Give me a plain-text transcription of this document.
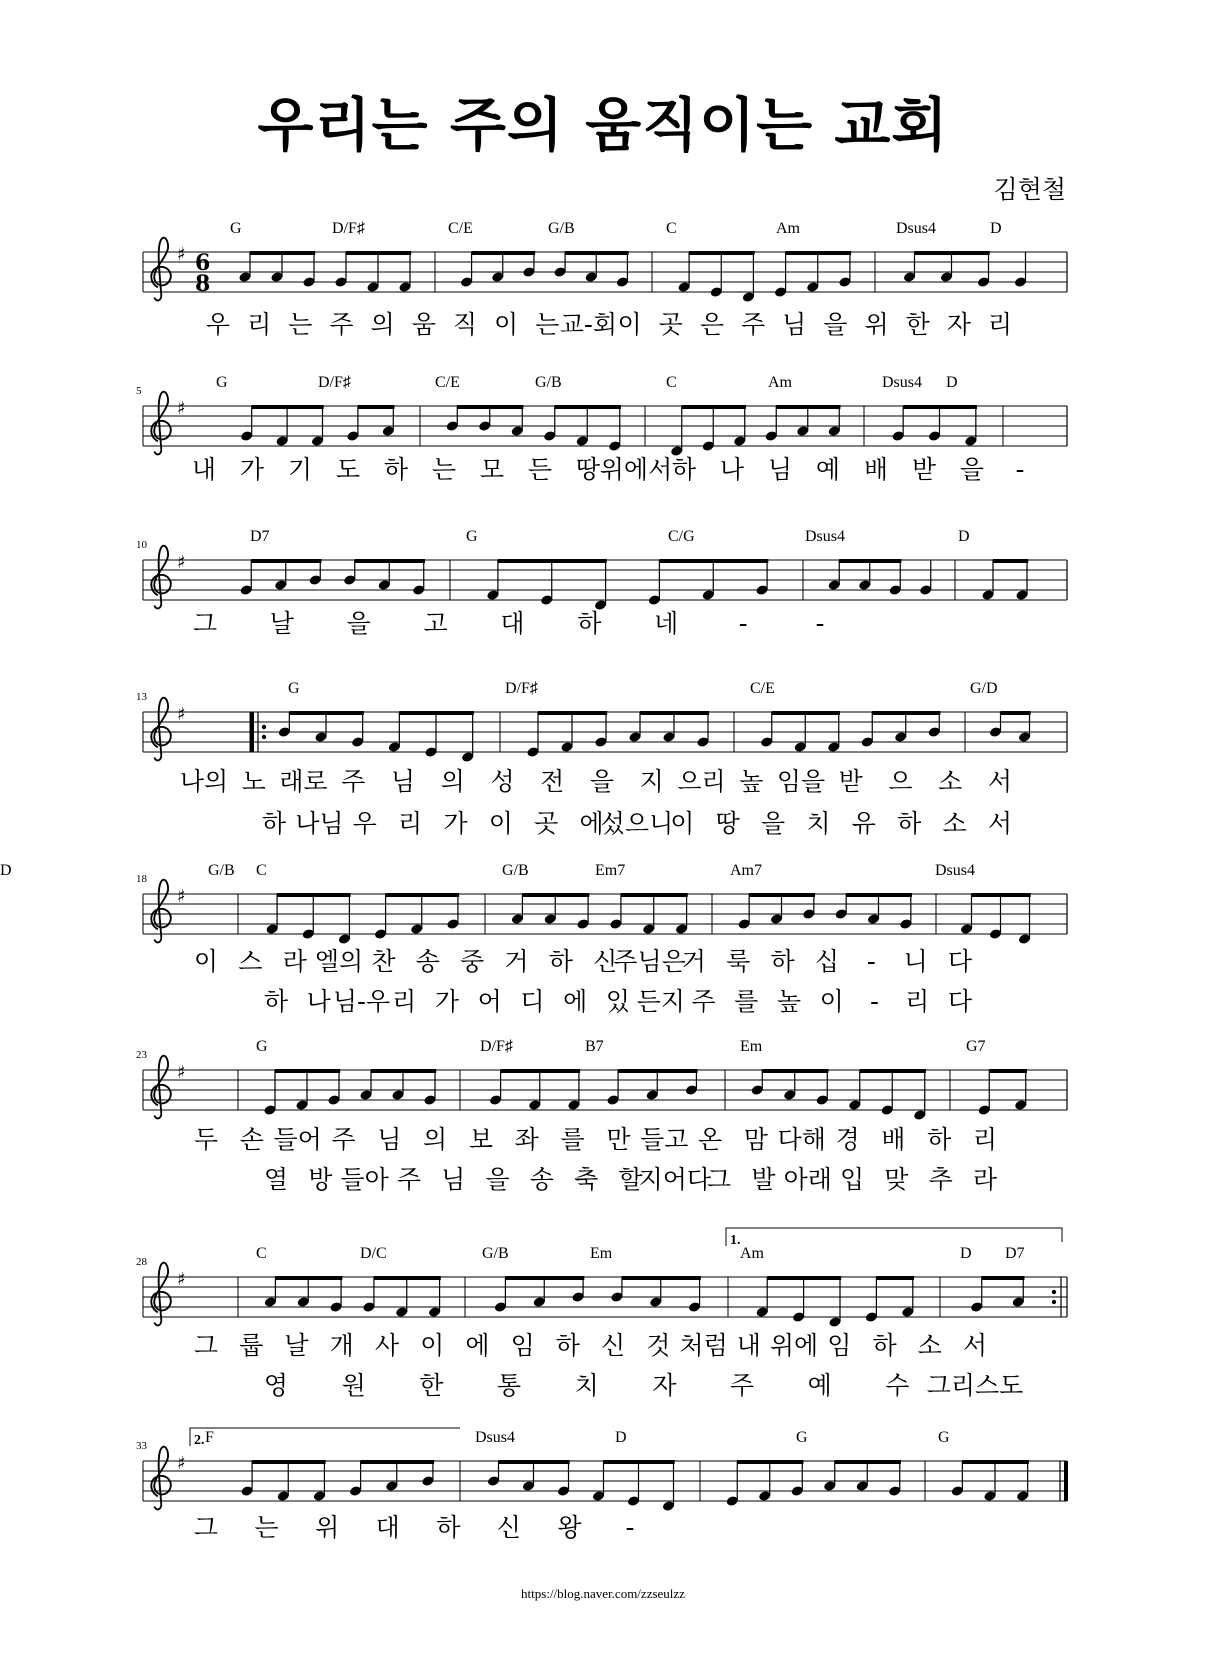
우리는 주의 움직이는 교회
김현철
♯ 6
8
G	D/F♯	C/E	G/B	C	Am	Dsus4	D
우 리 는 주 의 움 직 이 는 교-회 이 곳 은 주 님 을 위 한 자 리
♯
5	G	D/F♯	C/E	G/B	C	Am	Dsus4 D
내 가 기 도 하 는 모 든 땅 위에서 하 나 님 예 배 받 을 -
♯
10	D7	G	C/G	Dsus4	D
그 날 을 고 대 하 네 -	-
♯
13	G	D/F♯	C/E	G/D
나의 노 래로 주 님 의 성 전 을 지 으리 높 임을 받 으 소 서
하 나님 우 리 가 이 곳 에
섰으니
이 땅 을 치 유 하 소 서
♯
18	G/B C	G/B	Em7	Am7	Dsus4
D
이 스 라 엘의 찬 송 중 거 하 신
주님은
거 룩 하 십 - 니 다
하 나 님-우 리 가 어 디 에 있 든지 주 를 높 이 - 리 다
♯
23	G	D/F♯	B7	Em	G7
두 손 들어 주 님 의 보 좌 를 만 들고 온 맘 다해 경 배 하 리
열 방 들아 주 님 을 송 축 할
지어다
그 발 아래 입 맞 추 라
♯
28
1.
C	D/C	G/B	Em	Am	D D7
그 룹 날 개 사 이 에 임 하 신 것 처럼 내 위에 임 하 소 서
영 원 한 통 치 자 주 예 수 그리스도
♯
33	2. F	Dsus4	D	G	G
그 는 위 대 하 신 왕 -
https://blog.naver.com/zzseulzz
